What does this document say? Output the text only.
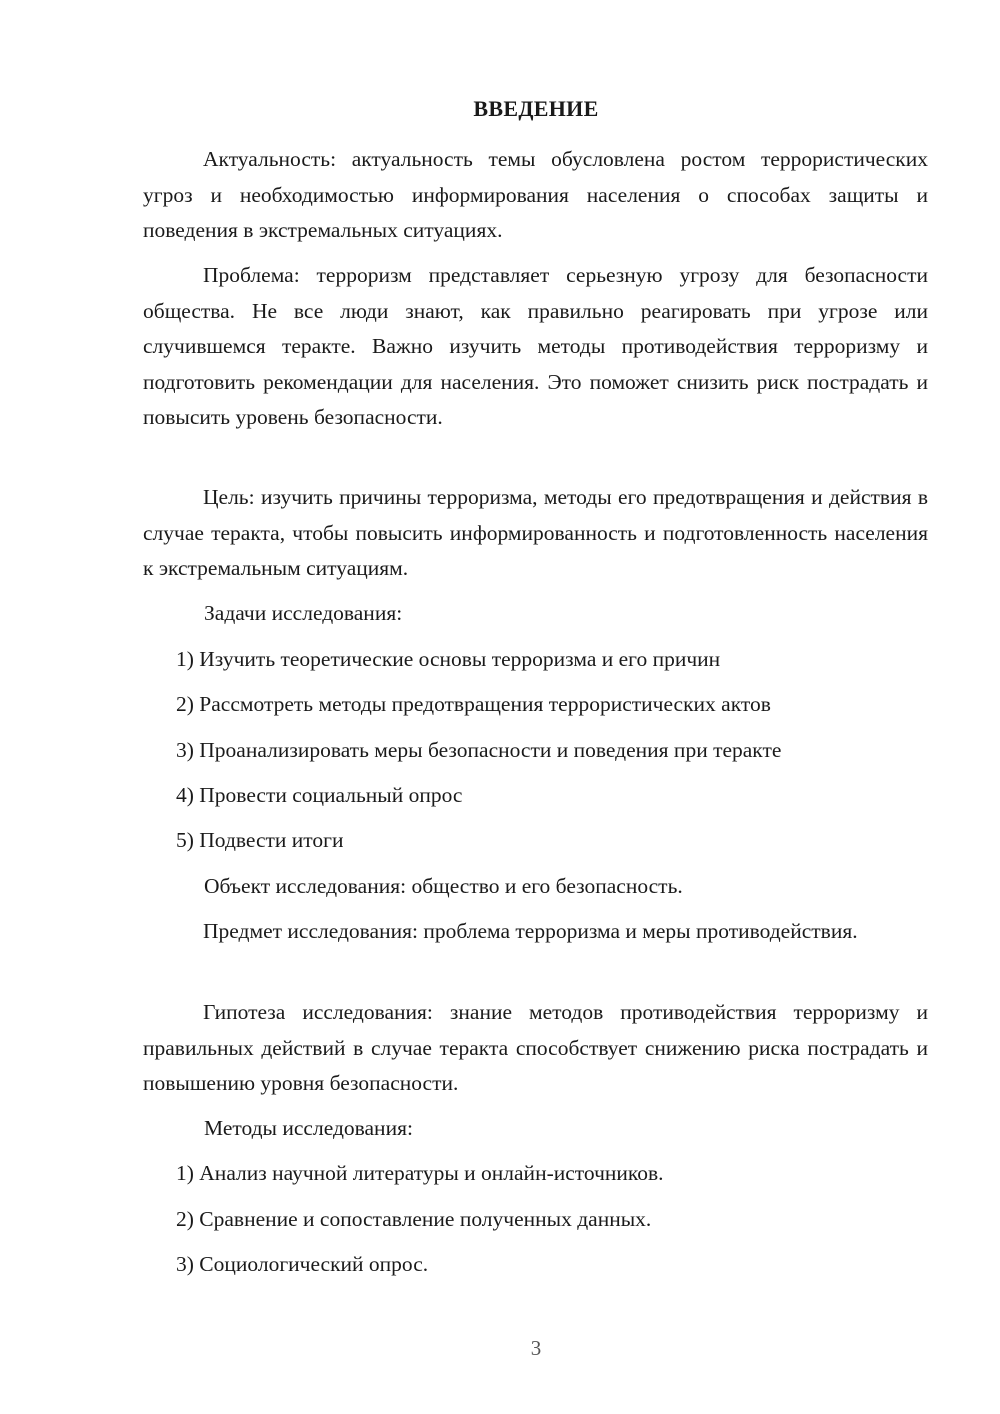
ВВЕДЕНИЕ

Актуальность: актуальность темы обусловлена ростом террористических угроз и необходимостью информирования населения о способах защиты и поведения в экстремальных ситуациях.

Проблема: терроризм представляет серьезную угрозу для безопасности общества. Не все люди знают, как правильно реагировать при угрозе или случившемся теракте. Важно изучить методы противодействия терроризму и подготовить рекомендации для населения. Это поможет снизить риск пострадать и повысить уровень безопасности.

Цель: изучить причины терроризма, методы его предотвращения и действия в случае теракта, чтобы повысить информированность и подготовленность населения к экстремальным ситуациям.

Задачи исследования:

1) Изучить теоретические основы терроризма и его причин

2) Рассмотреть методы предотвращения террористических актов

3) Проанализировать меры безопасности и поведения при теракте

4) Провести социальный опрос

5) Подвести итоги

Объект исследования: общество и его безопасность.

Предмет исследования: проблема терроризма и меры противодействия.

Гипотеза исследования: знание методов противодействия терроризму и правильных действий в случае теракта способствует снижению риска пострадать и повышению уровня безопасности.

Методы исследования:

1) Анализ научной литературы и онлайн-источников.

2) Сравнение и сопоставление полученных данных.

3) Социологический опрос.

3
